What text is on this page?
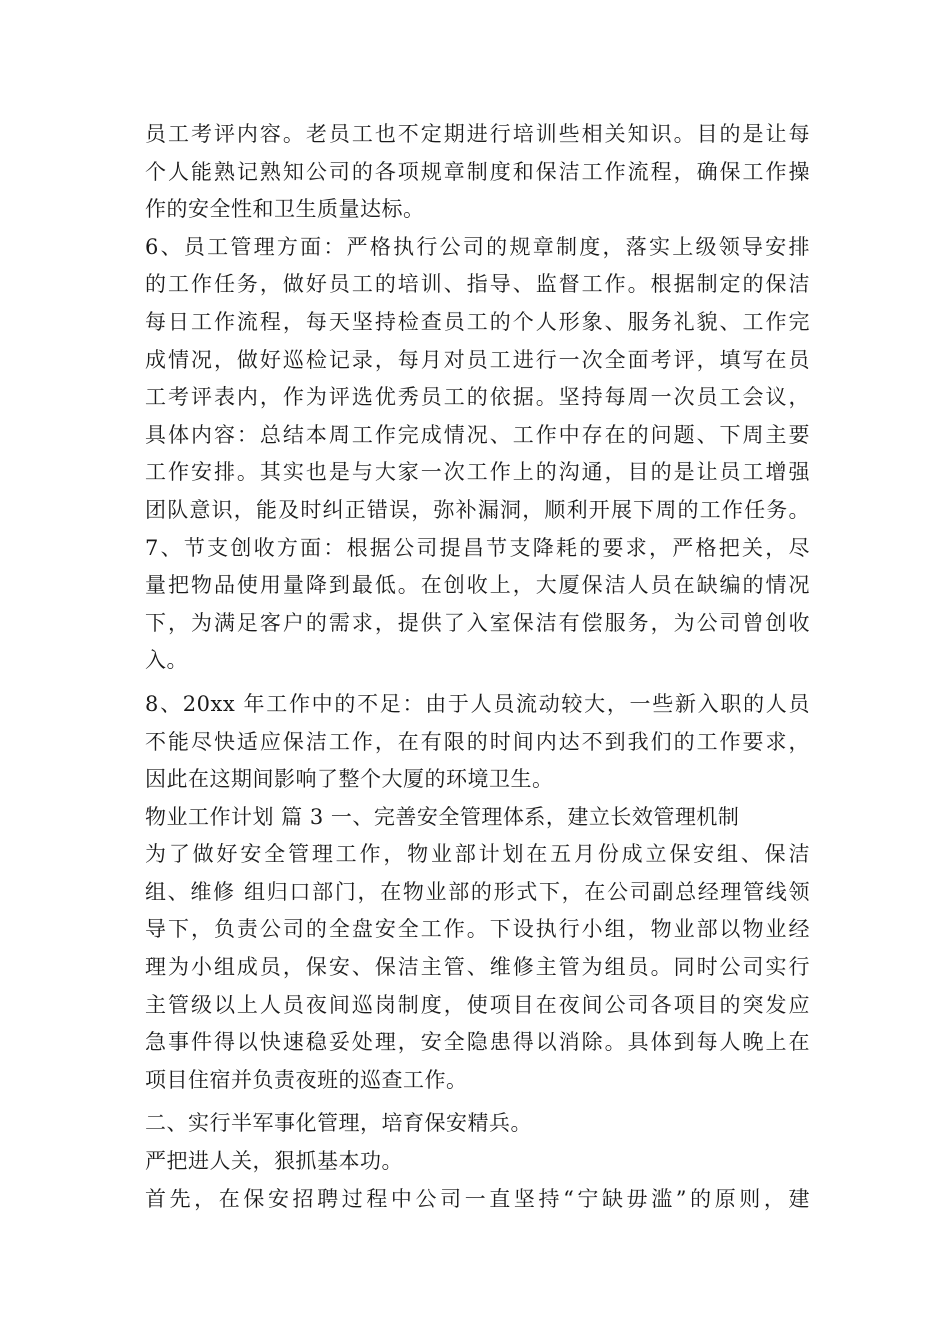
员工考评内容。老员工也不定期进行培训些相关知识。目的是让每
个人能熟记熟知公司的各项规章制度和保洁工作流程，确保工作操
作的安全性和卫生质量达标。
6、员工管理方面：严格执行公司的规章制度，落实上级领导安排
的工作任务，做好员工的培训、指导、监督工作。根据制定的保洁
每日工作流程，每天坚持检查员工的个人形象、服务礼貌、工作完
成情况，做好巡检记录，每月对员工进行一次全面考评，填写在员
工考评表内，作为评选优秀员工的依据。坚持每周一次员工会议，
具体内容：总结本周工作完成情况、工作中存在的问题、下周主要
工作安排。其实也是与大家一次工作上的沟通，目的是让员工增强
团队意识，能及时纠正错误，弥补漏洞，顺利开展下周的工作任务。
7、节支创收方面：根据公司提昌节支降耗的要求，严格把关，尽
量把物品使用量降到最低。在创收上，大厦保洁人员在缺编的情况
下，为满足客户的需求，提供了入室保洁有偿服务，为公司曾创收
入。
8、20xx 年工作中的不足：由于人员流动较大，一些新入职的人员
不能尽快适应保洁工作，在有限的时间内达不到我们的工作要求，
因此在这期间影响了整个大厦的环境卫生。
物业工作计划 篇 3 一、完善安全管理体系，建立长效管理机制
为了做好安全管理工作，物业部计划在五月份成立保安组、保洁
组、维修 组归口部门，在物业部的形式下，在公司副总经理管线领
导下，负责公司的全盘安全工作。下设执行小组，物业部以物业经
理为小组成员，保安、保洁主管、维修主管为组员。同时公司实行
主管级以上人员夜间巡岗制度，使项目在夜间公司各项目的突发应
急事件得以快速稳妥处理，安全隐患得以消除。具体到每人晚上在
项目住宿并负责夜班的巡查工作。
二、实行半军事化管理，培育保安精兵。
严把进人关，狠抓基本功。
首先，在保安招聘过程中公司一直坚持“宁缺毋滥”的原则，建
